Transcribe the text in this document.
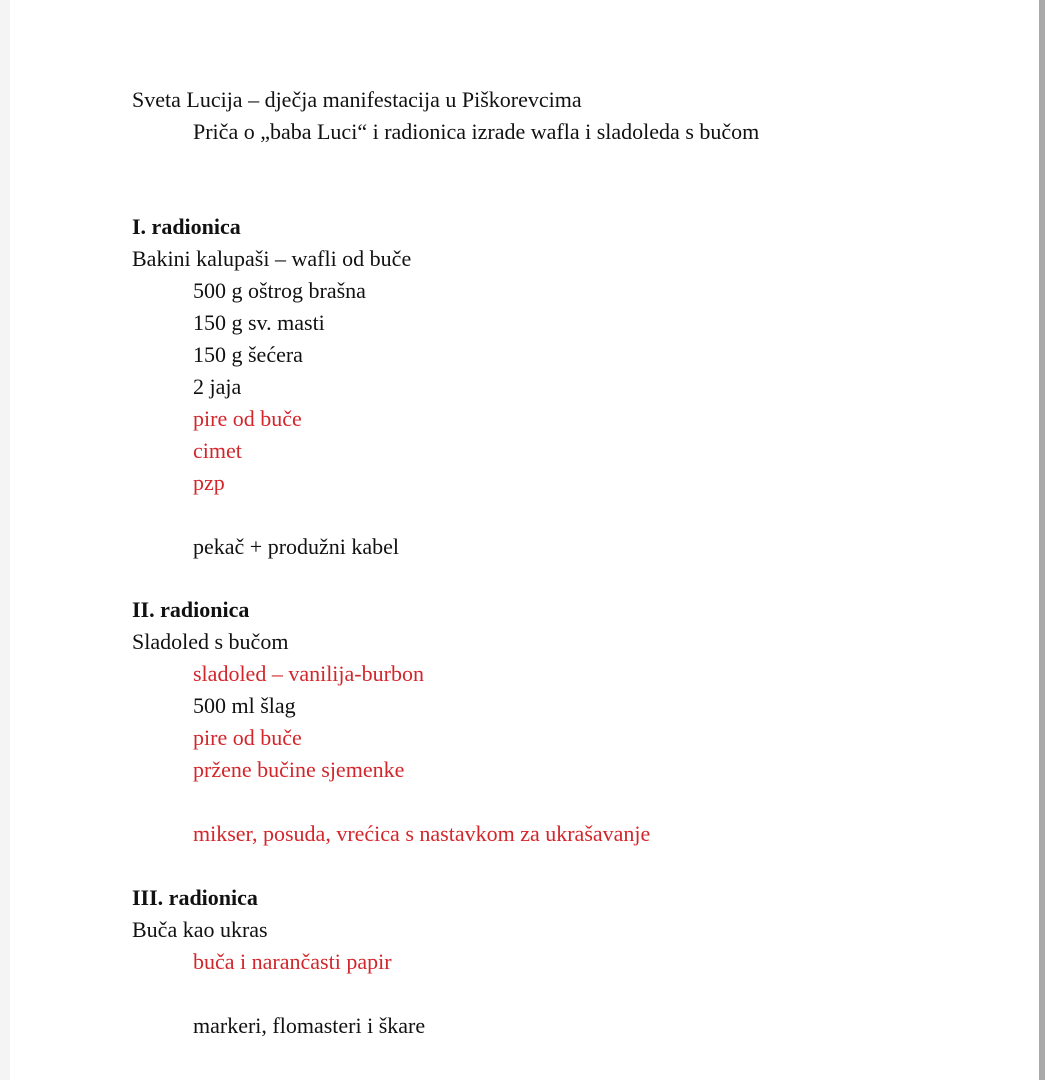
Sveta Lucija – dječja manifestacija u Piškorevcima
Priča o „baba Luci“ i radionica izrade wafla i sladoleda s bučom
I. radionica
Bakini kalupaši – wafli od buče
500 g oštrog brašna
150 g sv. masti
150 g šećera
2 jaja
pire od buče
cimet
pzp
pekač + produžni kabel
II. radionica
Sladoled s bučom
sladoled – vanilija-burbon
500 ml šlag
pire od buče
pržene bučine sjemenke
mikser, posuda, vrećica s nastavkom za ukrašavanje
III. radionica
Buča kao ukras
buča i narančasti papir
markeri, flomasteri i škare
